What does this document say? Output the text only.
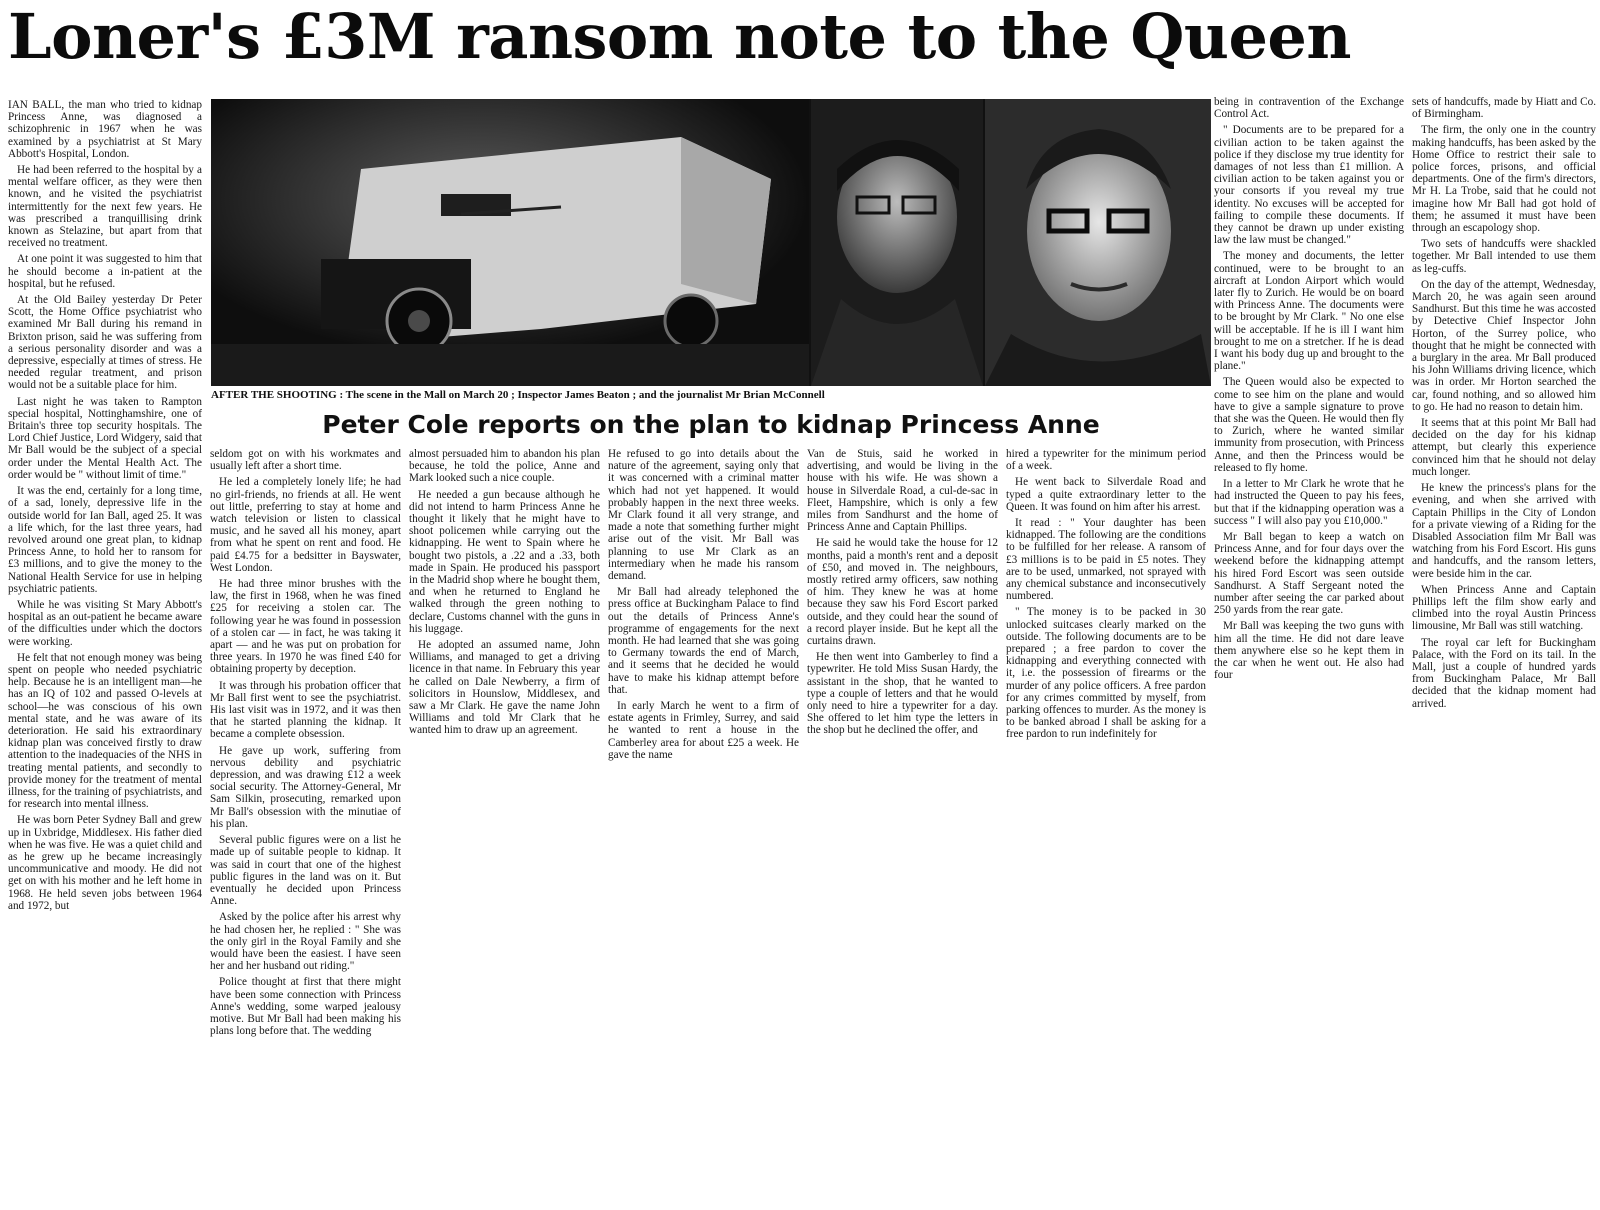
Loner's £3M ransom note to the Queen

IAN BALL, the man who tried to kidnap Princess Anne, was diagnosed a schizophrenic in 1967 when he was examined by a psychiatrist at St Mary Abbott's Hospital, London.

He had been referred to the hospital by a mental welfare officer, as they were then known, and he visited the psychiatrist intermittently for the next few years. He was prescribed a tranquillising drink known as Stelazine, but apart from that received no treatment.

At one point it was suggested to him that he should become a in-patient at the hospital, but he refused.

At the Old Bailey yesterday Dr Peter Scott, the Home Office psychiatrist who examined Mr Ball during his remand in Brixton prison, said he was suffering from a serious personality disorder and was a depressive, especially at times of stress. He needed regular treatment, and prison would not be a suitable place for him.

Last night he was taken to Rampton special hospital, Nottinghamshire, one of Britain's three top security hospitals. The Lord Chief Justice, Lord Widgery, said that Mr Ball would be the subject of a special order under the Mental Health Act. The order would be " without limit of time."

It was the end, certainly for a long time, of a sad, lonely, depressive life in the outside world for Ian Ball, aged 25. It was a life which, for the last three years, had revolved around one great plan, to kidnap Princess Anne, to hold her to ransom for £3 millions, and to give the money to the National Health Service for use in helping psychiatric patients.

While he was visiting St Mary Abbott's hospital as an out-patient he became aware of the difficulties under which the doctors were working.

He felt that not enough money was being spent on people who needed psychiatric help. Because he is an intelligent man—he has an IQ of 102 and passed O-levels at school—he was conscious of his own mental state, and he was aware of its deterioration. He said his extraordinary kidnap plan was conceived firstly to draw attention to the inadequacies of the NHS in treating mental patients, and secondly to provide money for the treatment of mental illness, for the training of psychiatrists, and for research into mental illness.

He was born Peter Sydney Ball and grew up in Uxbridge, Middlesex. His father died when he was five. He was a quiet child and as he grew up he became increasingly uncommunicative and moody. He did not get on with his mother and he left home in 1968. He held seven jobs between 1964 and 1972, but

AFTER THE SHOOTING : The scene in the Mall on March 20 ; Inspector James Beaton ; and the journalist Mr Brian McConnell
Peter Cole reports on the plan to kidnap Princess Anne

seldom got on with his workmates and usually left after a short time.

He led a completely lonely life; he had no girl-friends, no friends at all. He went out little, preferring to stay at home and watch television or listen to classical music, and he saved all his money, apart from what he spent on rent and food. He paid £4.75 for a bedsitter in Bayswater, West London.

He had three minor brushes with the law, the first in 1968, when he was fined £25 for receiving a stolen car. The following year he was found in possession of a stolen car — in fact, he was taking it apart — and he was put on probation for three years. In 1970 he was fined £40 for obtaining property by deception.

It was through his probation officer that Mr Ball first went to see the psychiatrist. His last visit was in 1972, and it was then that he started planning the kidnap. It became a complete obsession.

He gave up work, suffering from nervous debility and psychiatric depression, and was drawing £12 a week social security. The Attorney-General, Mr Sam Silkin, prosecuting, remarked upon Mr Ball's obsession with the minutiae of his plan.

Several public figures were on a list he made up of suitable people to kidnap. It was said in court that one of the highest public figures in the land was on it. But eventually he decided upon Princess Anne.

Asked by the police after his arrest why he had chosen her, he replied : " She was the only girl in the Royal Family and she would have been the easiest. I have seen her and her husband out riding."

Police thought at first that there might have been some connection with Princess Anne's wedding, some warped jealousy motive. But Mr Ball had been making his plans long before that. The wedding

almost persuaded him to abandon his plan because, he told the police, Anne and Mark looked such a nice couple.

He needed a gun because although he did not intend to harm Princess Anne he thought it likely that he might have to shoot policemen while carrying out the kidnapping. He went to Spain where he bought two pistols, a .22 and a .33, both made in Spain. He produced his passport in the Madrid shop where he bought them, and when he returned to England he walked through the green nothing to declare, Customs channel with the guns in his luggage.

He adopted an assumed name, John Williams, and managed to get a driving licence in that name. In February this year he called on Dale Newberry, a firm of solicitors in Hounslow, Middlesex, and saw a Mr Clark. He gave the name John Williams and told Mr Clark that he wanted him to draw up an agreement.

He refused to go into details about the nature of the agreement, saying only that it was concerned with a criminal matter which had not yet happened. It would probably happen in the next three weeks. Mr Clark found it all very strange, and made a note that something further might arise out of the visit. Mr Ball was planning to use Mr Clark as an intermediary when he made his ransom demand.

Mr Ball had already telephoned the press office at Buckingham Palace to find out the details of Princess Anne's programme of engagements for the next month. He had learned that she was going to Germany towards the end of March, and it seems that he decided he would have to make his kidnap attempt before that.

In early March he went to a firm of estate agents in Frimley, Surrey, and said he wanted to rent a house in the Camberley area for about £25 a week. He gave the name

Van de Stuis, said he worked in advertising, and would be living in the house with his wife. He was shown a house in Silverdale Road, a cul-de-sac in Fleet, Hampshire, which is only a few miles from Sandhurst and the home of Princess Anne and Captain Phillips.

He said he would take the house for 12 months, paid a month's rent and a deposit of £50, and moved in. The neighbours, mostly retired army officers, saw nothing of him. They knew he was at home because they saw his Ford Escort parked outside, and they could hear the sound of a record player inside. But he kept all the curtains drawn.

He then went into Gamberley to find a typewriter. He told Miss Susan Hardy, the assistant in the shop, that he wanted to type a couple of letters and that he would only need to hire a typewriter for a day. She offered to let him type the letters in the shop but he declined the offer, and

hired a typewriter for the minimum period of a week.

He went back to Silverdale Road and typed a quite extraordinary letter to the Queen. It was found on him after his arrest.

It read : " Your daughter has been kidnapped. The following are the conditions to be fulfilled for her release. A ransom of £3 millions is to be paid in £5 notes. They are to be used, unmarked, not sprayed with any chemical substance and inconsecutively numbered.

" The money is to be packed in 30 unlocked suitcases clearly marked on the outside. The following documents are to be prepared ; a free pardon to cover the kidnapping and everything connected with it, i.e. the possession of firearms or the murder of any police officers. A free pardon for any crimes committed by myself, from parking offences to murder. As the money is to be banked abroad I shall be asking for a free pardon to run indefinitely for

being in contravention of the Exchange Control Act.

" Documents are to be prepared for a civilian action to be taken against the police if they disclose my true identity for damages of not less than £1 million. A civilian action to be taken against you or your consorts if you reveal my true identity. No excuses will be accepted for failing to compile these documents. If they cannot be drawn up under existing law the law must be changed."

The money and documents, the letter continued, were to be brought to an aircraft at London Airport which would later fly to Zurich. He would be on board with Princess Anne. The documents were to be brought by Mr Clark. " No one else will be acceptable. If he is ill I want him brought to me on a stretcher. If he is dead I want his body dug up and brought to the plane."

The Queen would also be expected to come to see him on the plane and would have to give a sample signature to prove that she was the Queen. He would then fly to Zurich, where he wanted similar immunity from prosecution, with Princess Anne, and then the Princess would be released to fly home.

In a letter to Mr Clark he wrote that he had instructed the Queen to pay his fees, but that if the kidnapping operation was a success " I will also pay you £10,000."

Mr Ball began to keep a watch on Princess Anne, and for four days over the weekend before the kidnapping attempt his hired Ford Escort was seen outside Sandhurst. A Staff Sergeant noted the number after seeing the car parked about 250 yards from the rear gate.

Mr Ball was keeping the two guns with him all the time. He did not dare leave them anywhere else so he kept them in the car when he went out. He also had four

sets of handcuffs, made by Hiatt and Co. of Birmingham.

The firm, the only one in the country making handcuffs, has been asked by the Home Office to restrict their sale to police forces, prisons, and official departments. One of the firm's directors, Mr H. La Trobe, said that he could not imagine how Mr Ball had got hold of them; he assumed it must have been through an escapology shop.

Two sets of handcuffs were shackled together. Mr Ball intended to use them as leg-cuffs.

On the day of the attempt, Wednesday, March 20, he was again seen around Sandhurst. But this time he was accosted by Detective Chief Inspector John Horton, of the Surrey police, who thought that he might be connected with a burglary in the area. Mr Ball produced his John Williams driving licence, which was in order. Mr Horton searched the car, found nothing, and so allowed him to go. He had no reason to detain him.

It seems that at this point Mr Ball had decided on the day for his kidnap attempt, but clearly this experience convinced him that he should not delay much longer.

He knew the princess's plans for the evening, and when she arrived with Captain Phillips in the City of London for a private viewing of a Riding for the Disabled Association film Mr Ball was watching from his Ford Escort. His guns and handcuffs, and the ransom letters, were beside him in the car.

When Princess Anne and Captain Phillips left the film show early and climbed into the royal Austin Princess limousine, Mr Ball was still watching.

The royal car left for Buckingham Palace, with the Ford on its tail. In the Mall, just a couple of hundred yards from Buckingham Palace, Mr Ball decided that the kidnap moment had arrived.
